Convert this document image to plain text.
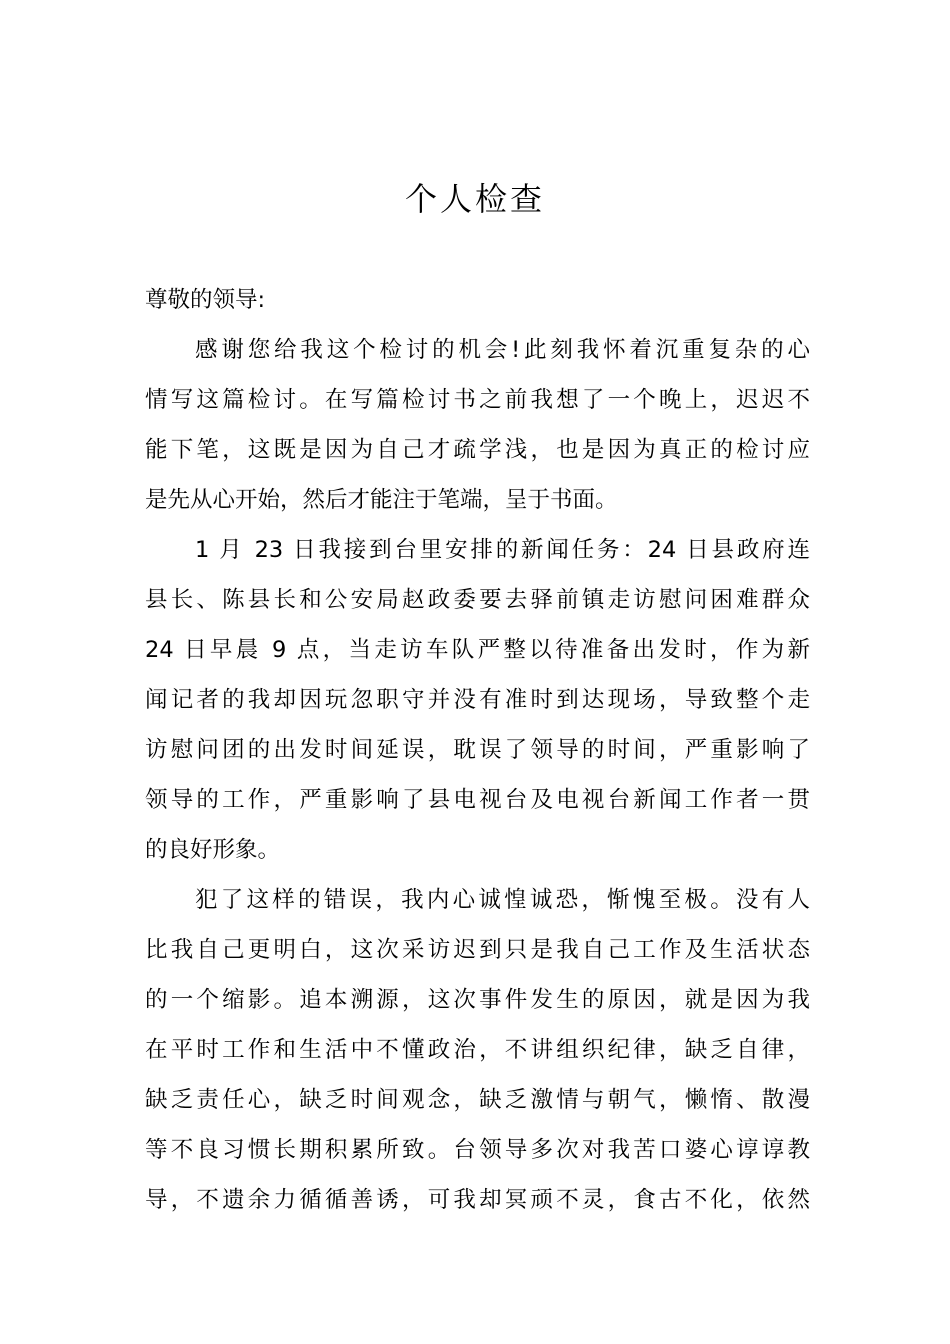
个人检查
尊敬的领导:
感谢您给我这个检讨的机会!此刻我怀着沉重复杂的心
情写这篇检讨。在写篇检讨书之前我想了一个晚上，迟迟不
能下笔，这既是因为自己才疏学浅，也是因为真正的检讨应
是先从心开始，然后才能注于笔端，呈于书面。
1 月 23 日我接到台里安排的新闻任务：24 日县政府连
县长、陈县长和公安局赵政委要去驿前镇走访慰问困难群众
24 日早晨 9 点，当走访车队严整以待准备出发时，作为新
闻记者的我却因玩忽职守并没有准时到达现场，导致整个走
访慰问团的出发时间延误，耽误了领导的时间，严重影响了
领导的工作，严重影响了县电视台及电视台新闻工作者一贯
的良好形象。
犯了这样的错误，我内心诚惶诚恐，惭愧至极。没有人
比我自己更明白，这次采访迟到只是我自己工作及生活状态
的一个缩影。追本溯源，这次事件发生的原因，就是因为我
在平时工作和生活中不懂政治，不讲组织纪律，缺乏自律，
缺乏责任心，缺乏时间观念，缺乏激情与朝气，懒惰、散漫
等不良习惯长期积累所致。台领导多次对我苦口婆心谆谆教
导，不遗余力循循善诱，可我却冥顽不灵，食古不化，依然
